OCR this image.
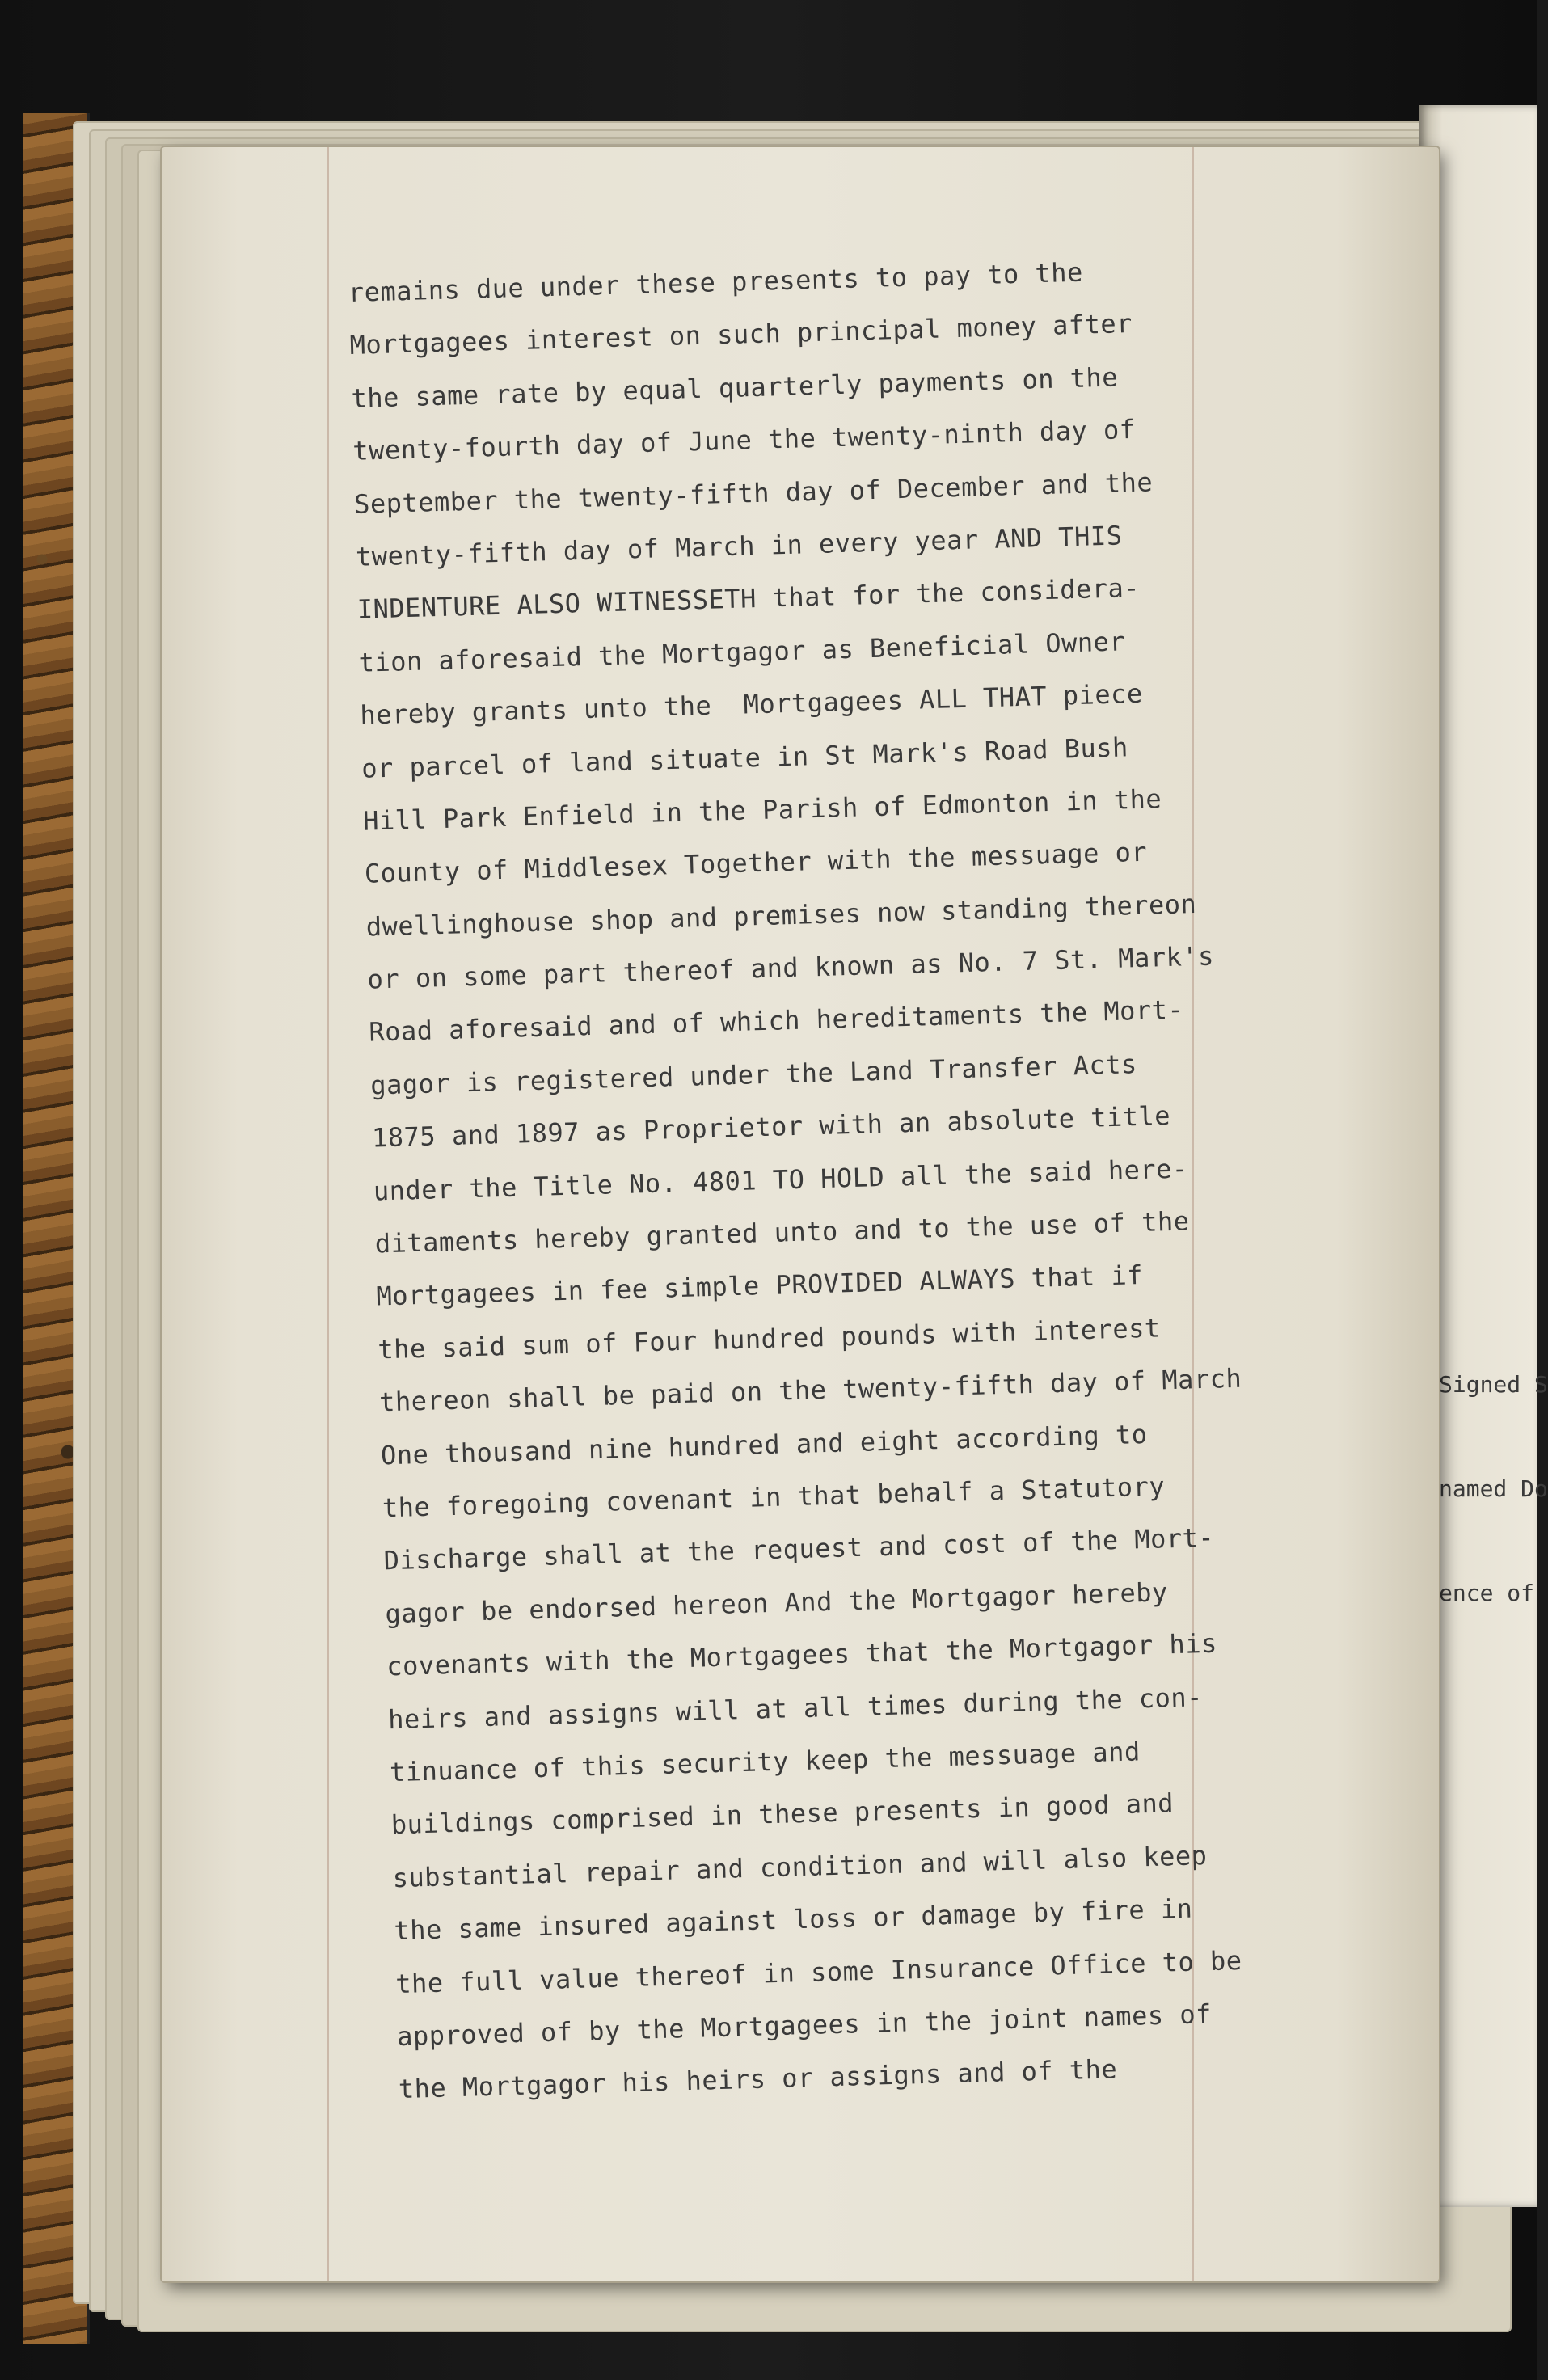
Signed S

named Do

ence of

remains due under these presents to pay to the
Mortgagees interest on such principal money after
the same rate by equal quarterly payments on the
twenty-fourth day of June the twenty-ninth day of
September the twenty-fifth day of December and the
twenty-fifth day of March in every year AND THIS
INDENTURE ALSO WITNESSETH that for the considera-
tion aforesaid the Mortgagor as Beneficial Owner
hereby grants unto the  Mortgagees ALL THAT piece
or parcel of land situate in St Mark's Road Bush
Hill Park Enfield in the Parish of Edmonton in the
County of Middlesex Together with the messuage or
dwellinghouse shop and premises now standing thereon
or on some part thereof and known as No. 7 St. Mark's
Road aforesaid and of which hereditaments the Mort-
gagor is registered under the Land Transfer Acts
1875 and 1897 as Proprietor with an absolute title
under the Title No. 4801 TO HOLD all the said here-
ditaments hereby granted unto and to the use of the
Mortgagees in fee simple PROVIDED ALWAYS that if
the said sum of Four hundred pounds with interest
thereon shall be paid on the twenty-fifth day of March
One thousand nine hundred and eight according to
the foregoing covenant in that behalf a Statutory
Discharge shall at the request and cost of the Mort-
gagor be endorsed hereon And the Mortgagor hereby
covenants with the Mortgagees that the Mortgagor his
heirs and assigns will at all times during the con-
tinuance of this security keep the messuage and
buildings comprised in these presents in good and
substantial repair and condition and will also keep
the same insured against loss or damage by fire in
the full value thereof in some Insurance Office to be
approved of by the Mortgagees in the joint names of
the Mortgagor his heirs or assigns and of the
